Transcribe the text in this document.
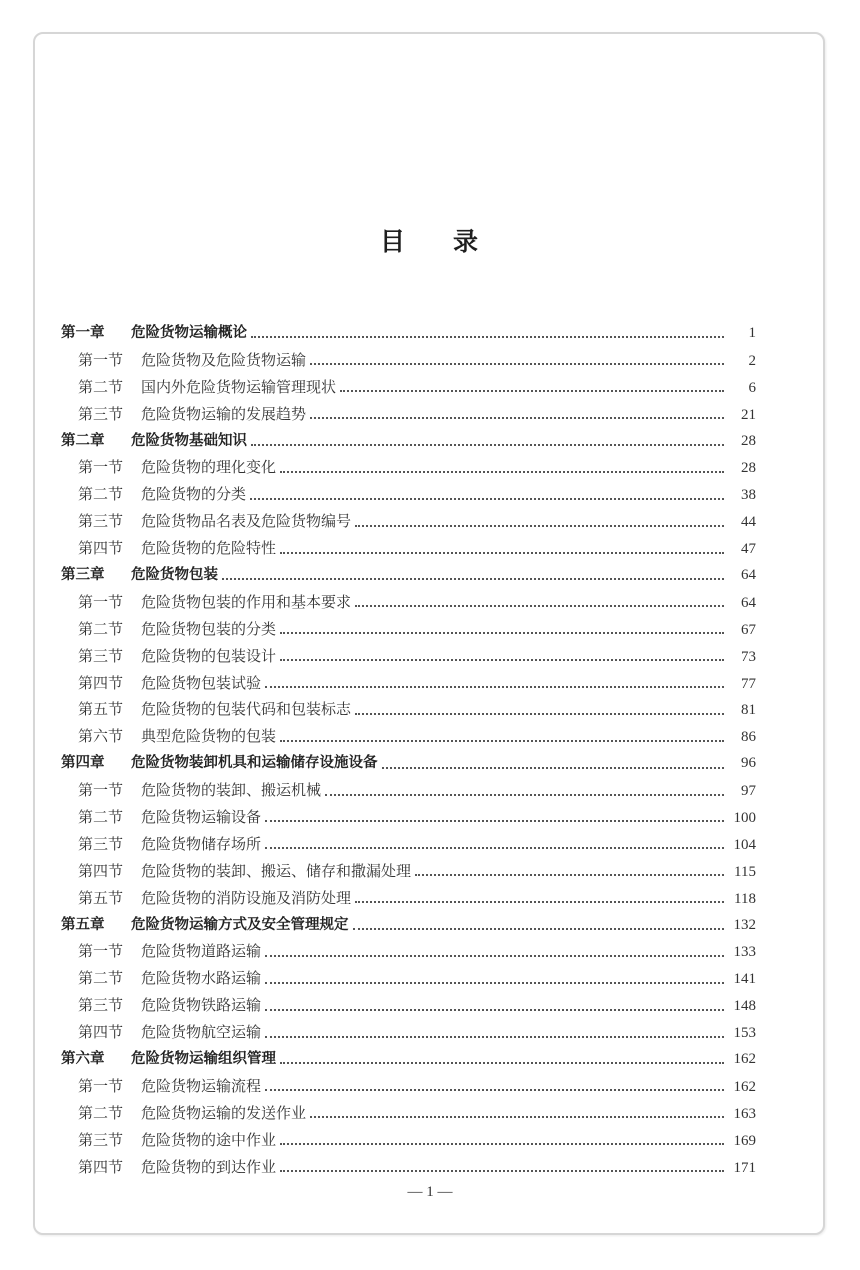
目 录
第一章	危险货物运输概论	1
第一节	危险货物及危险货物运输	2
第二节	国内外危险货物运输管理现状	6
第三节	危险货物运输的发展趋势	21
第二章	危险货物基础知识	28
第一节	危险货物的理化变化	28
第二节	危险货物的分类	38
第三节	危险货物品名表及危险货物编号	44
第四节	危险货物的危险特性	47
第三章	危险货物包装	64
第一节	危险货物包装的作用和基本要求	64
第二节	危险货物包装的分类	67
第三节	危险货物的包装设计	73
第四节	危险货物包装试验	77
第五节	危险货物的包装代码和包装标志	81
第六节	典型危险货物的包装	86
第四章	危险货物装卸机具和运输储存设施设备	96
第一节	危险货物的装卸、搬运机械	97
第二节	危险货物运输设备	100
第三节	危险货物储存场所	104
第四节	危险货物的装卸、搬运、储存和撒漏处理	115
第五节	危险货物的消防设施及消防处理	118
第五章	危险货物运输方式及安全管理规定	132
第一节	危险货物道路运输	133
第二节	危险货物水路运输	141
第三节	危险货物铁路运输	148
第四节	危险货物航空运输	153
第六章	危险货物运输组织管理	162
第一节	危险货物运输流程	162
第二节	危险货物运输的发送作业	163
第三节	危险货物的途中作业	169
第四节	危险货物的到达作业	171
— 1 —
